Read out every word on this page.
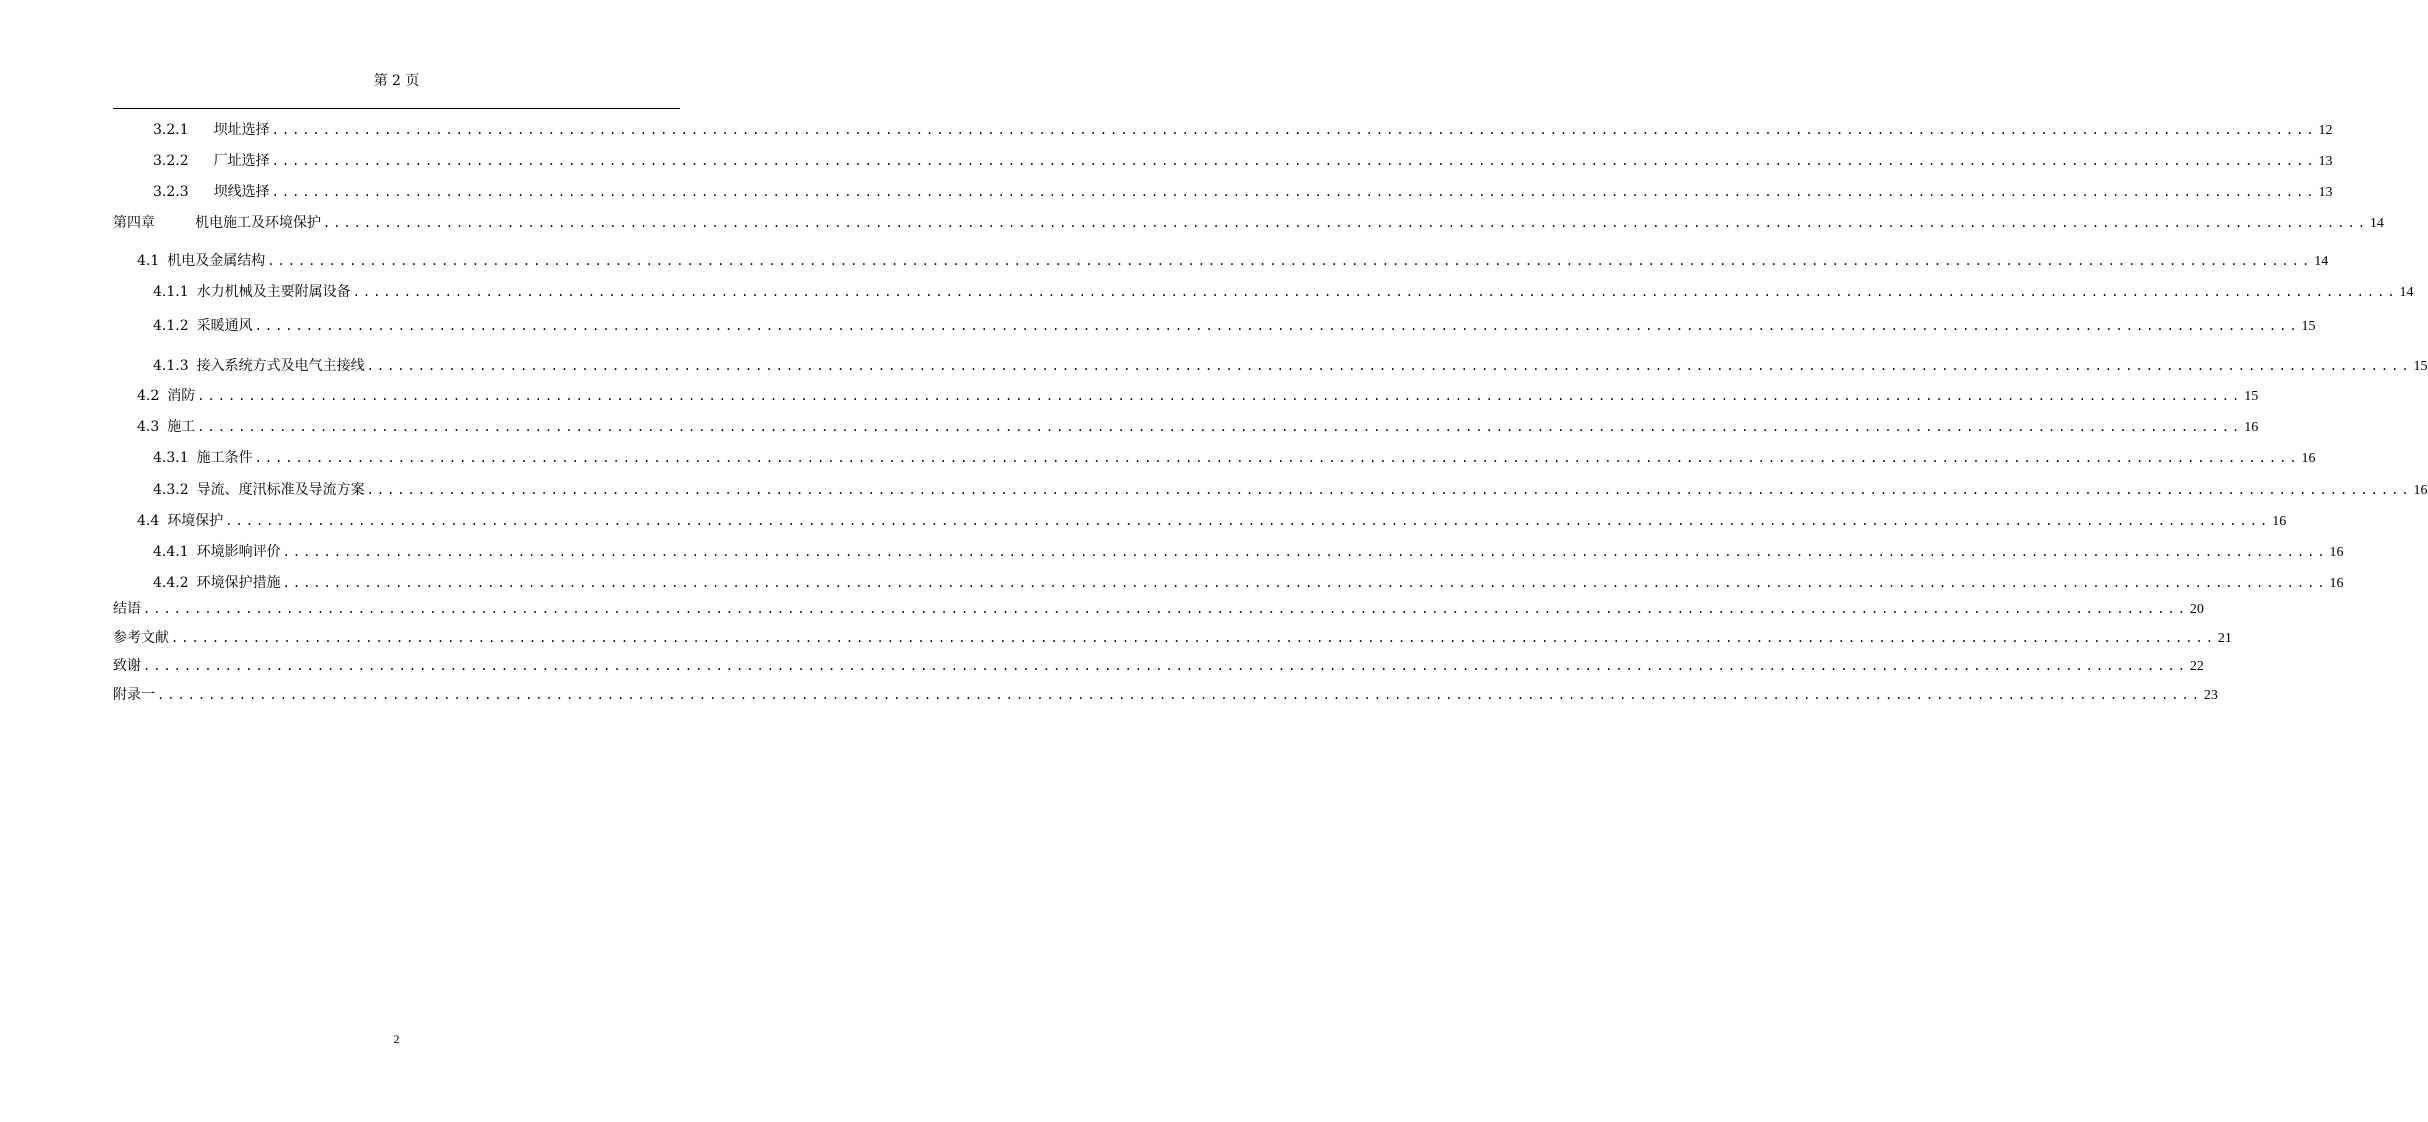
第 2 页
3.2.1 坝址选择 ........................................................................................................................................................................................................ 12
3.2.2 厂址选择 ........................................................................................................................................................................................................ 13
3.2.3 坝线选择 ........................................................................................................................................................................................................ 13
第四章	机电施工及环境保护 ........................................................................................................................................................................................................ 14
4.1 机电及金属结构 ........................................................................................................................................................................................................ 14
4.1.1 水力机械及主要附属设备 ........................................................................................................................................................................................................ 14
4.1.2 采暖通风 ........................................................................................................................................................................................................ 15
4.1.3 接入系统方式及电气主接线 ........................................................................................................................................................................................................ 15
4.2 消防 ........................................................................................................................................................................................................ 15
4.3 施工 ........................................................................................................................................................................................................ 16
4.3.1 施工条件 ........................................................................................................................................................................................................ 16
4.3.2 导流、度汛标准及导流方案 ........................................................................................................................................................................................................ 16
4.4 环境保护 ........................................................................................................................................................................................................ 16
4.4.1 环境影响评价 ........................................................................................................................................................................................................ 16
4.4.2 环境保护措施 ........................................................................................................................................................................................................ 16
结语 ........................................................................................................................................................................................................ 20
参考文献 ........................................................................................................................................................................................................ 21
致谢 ........................................................................................................................................................................................................ 22
附录一 ........................................................................................................................................................................................................ 23
2
